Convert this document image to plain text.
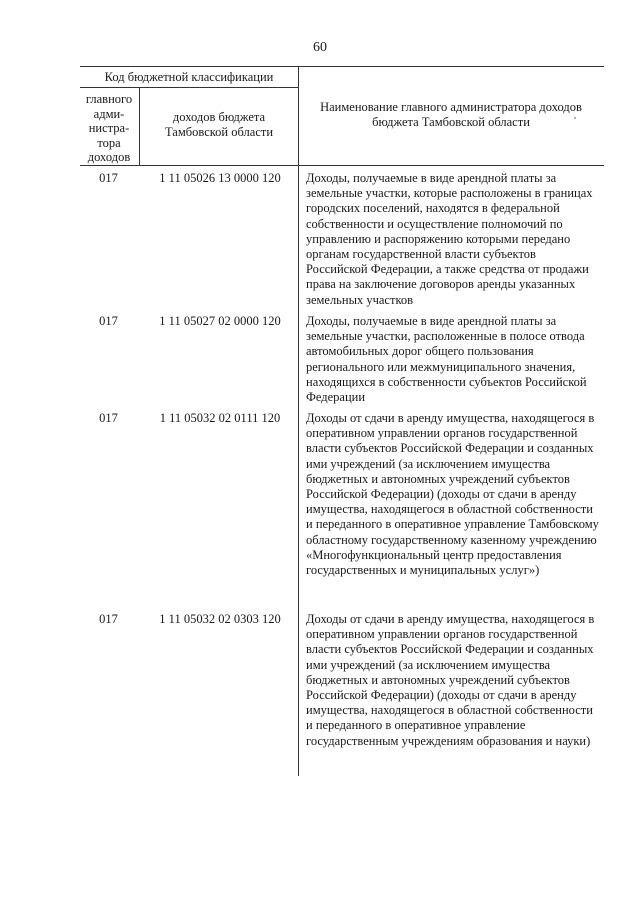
60
Код бюджетной классификации
главного адми-нистра-тора доходов
доходов бюджета Тамбовской области
Наименование главного администратора доходов бюджета Тамбовской области
017	1 11 05026 13 0000 120	Доходы, получаемые в виде арендной платы за земельные участки, которые расположены в границах городских поселений, находятся в федеральной собственности и осуществление полномочий по управлению и распоряжению которыми передано органам государственной власти субъектов Российской Федерации, а также средства от продажи права на заключение договоров аренды указанных земельных участков
017	1 11 05027 02 0000 120	Доходы, получаемые в виде арендной платы за земельные участки, расположенные в полосе отвода автомобильных дорог общего пользования регионального или межмуниципального значения, находящихся в собственности субъектов Российской Федерации
017	1 11 05032 02 0111 120	Доходы от сдачи в аренду имущества, находящегося в оперативном управлении органов государственной власти субъектов Российской Федерации и созданных ими учреждений (за исключением имущества бюджетных и автономных учреждений субъектов Российской Федерации) (доходы от сдачи в аренду имущества, находящегося в областной собственности и переданного в оперативное управление Тамбовскому областному государственному казенному учреждению «Многофункциональный центр предоставления государственных и муниципальных услуг»)
017	1 11 05032 02 0303 120	Доходы от сдачи в аренду имущества, находящегося в оперативном управлении органов государственной власти субъектов Российской Федерации и созданных ими учреждений (за исключением имущества бюджетных и автономных учреждений субъектов Российской Федерации) (доходы от сдачи в аренду имущества, находящегося в областной собственности и переданного в оперативное управление государственным учреждениям образования и науки)
